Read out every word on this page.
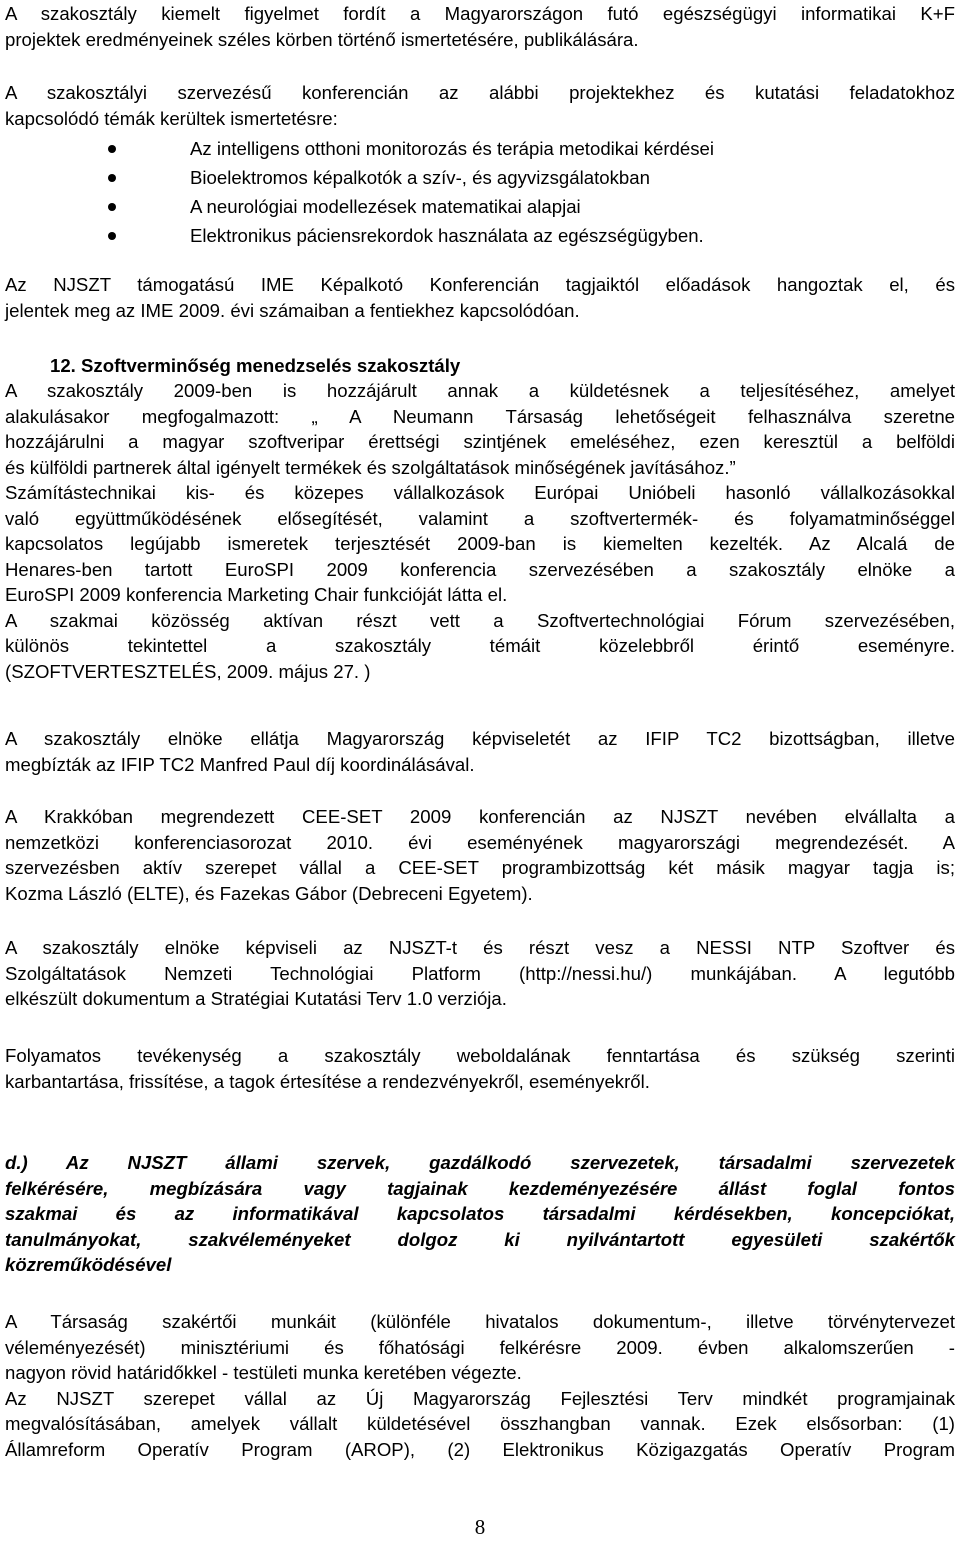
A szakosztály kiemelt figyelmet fordít a Magyarországon futó egészségügyi informatikai K+F
projektek eredményeinek széles körben történő ismertetésére, publikálására.

A szakosztályi szervezésű konferencián az alábbi projektekhez és kutatási feladatokhoz
kapcsolódó témák kerültek ismertetésre:

Az intelligens otthoni monitorozás és terápia metodikai kérdései
Bioelektromos képalkotók a szív-, és agyvizsgálatokban
A neurológiai modellezések matematikai alapjai
Elektronikus páciensrekordok használata az egészségügyben.

Az NJSZT támogatású IME Képalkotó Konferencián tagjaiktól előadások hangoztak el, és
jelentek meg az IME 2009. évi számaiban a fentiekhez kapcsolódóan.

12. Szoftverminőség menedzselés szakosztály

A szakosztály 2009-ben is hozzájárult annak a küldetésnek a teljesítéséhez, amelyet
alakulásakor megfogalmazott: „ A Neumann Társaság lehetőségeit felhasználva szeretne
hozzájárulni a magyar szoftveripar érettségi szintjének emeléséhez, ezen keresztül a belföldi
és külföldi partnerek által igényelt termékek és szolgáltatások minőségének javításához.”
Számítástechnikai kis- és közepes vállalkozások Európai Unióbeli hasonló vállalkozásokkal
való együttműködésének elősegítését, valamint a szoftvertermék- és folyamatminőséggel
kapcsolatos legújabb ismeretek terjesztését 2009-ban is kiemelten kezelték. Az Alcalá de
Henares-ben tartott EuroSPI 2009 konferencia szervezésében a szakosztály elnöke a
EuroSPI 2009 konferencia Marketing Chair funkcióját látta el.
A szakmai közösség aktívan részt vett a Szoftvertechnológiai Fórum szervezésében,
különös tekintettel a szakosztály témáit közelebbről érintő eseményre.
(SZOFTVERTESZTELÉS, 2009. május 27. )

A szakosztály elnöke ellátja Magyarország képviseletét az IFIP TC2 bizottságban, illetve
megbízták az IFIP TC2 Manfred Paul díj koordinálásával.

A Krakkóban megrendezett CEE-SET 2009 konferencián az NJSZT nevében elvállalta a
nemzetközi konferenciasorozat 2010. évi eseményének magyarországi megrendezését. A
szervezésben aktív szerepet vállal a CEE-SET programbizottság két másik magyar tagja is;
Kozma László (ELTE), és Fazekas Gábor (Debreceni Egyetem).

A szakosztály elnöke képviseli az NJSZT-t és részt vesz a NESSI NTP Szoftver és
Szolgáltatások Nemzeti Technológiai Platform (http://nessi.hu/) munkájában. A legutóbb
elkészült dokumentum a Stratégiai Kutatási Terv 1.0 verziója.

Folyamatos tevékenység a szakosztály weboldalának fenntartása és szükség szerinti
karbantartása, frissítése, a tagok értesítése a rendezvényekről, eseményekről.

d.) Az NJSZT állami szervek, gazdálkodó szervezetek, társadalmi szervezetek
felkérésére, megbízására vagy tagjainak kezdeményezésére állást foglal fontos
szakmai és az informatikával kapcsolatos társadalmi kérdésekben, koncepciókat,
tanulmányokat, szakvéleményeket dolgoz ki nyilvántartott egyesületi szakértők
közreműködésével

A Társaság szakértői munkáit (különféle hivatalos dokumentum-, illetve törvénytervezet
véleményezését) minisztériumi és főhatósági felkérésre 2009. évben alkalomszerűen -
nagyon rövid határidőkkel - testületi munka keretében végezte.
Az NJSZT szerepet vállal az Új Magyarország Fejlesztési Terv mindkét programjainak
megvalósításában, amelyek vállalt küldetésével összhangban vannak. Ezek elsősorban: (1)
Államreform Operatív Program (AROP), (2) Elektronikus Közigazgatás Operatív Program

8
